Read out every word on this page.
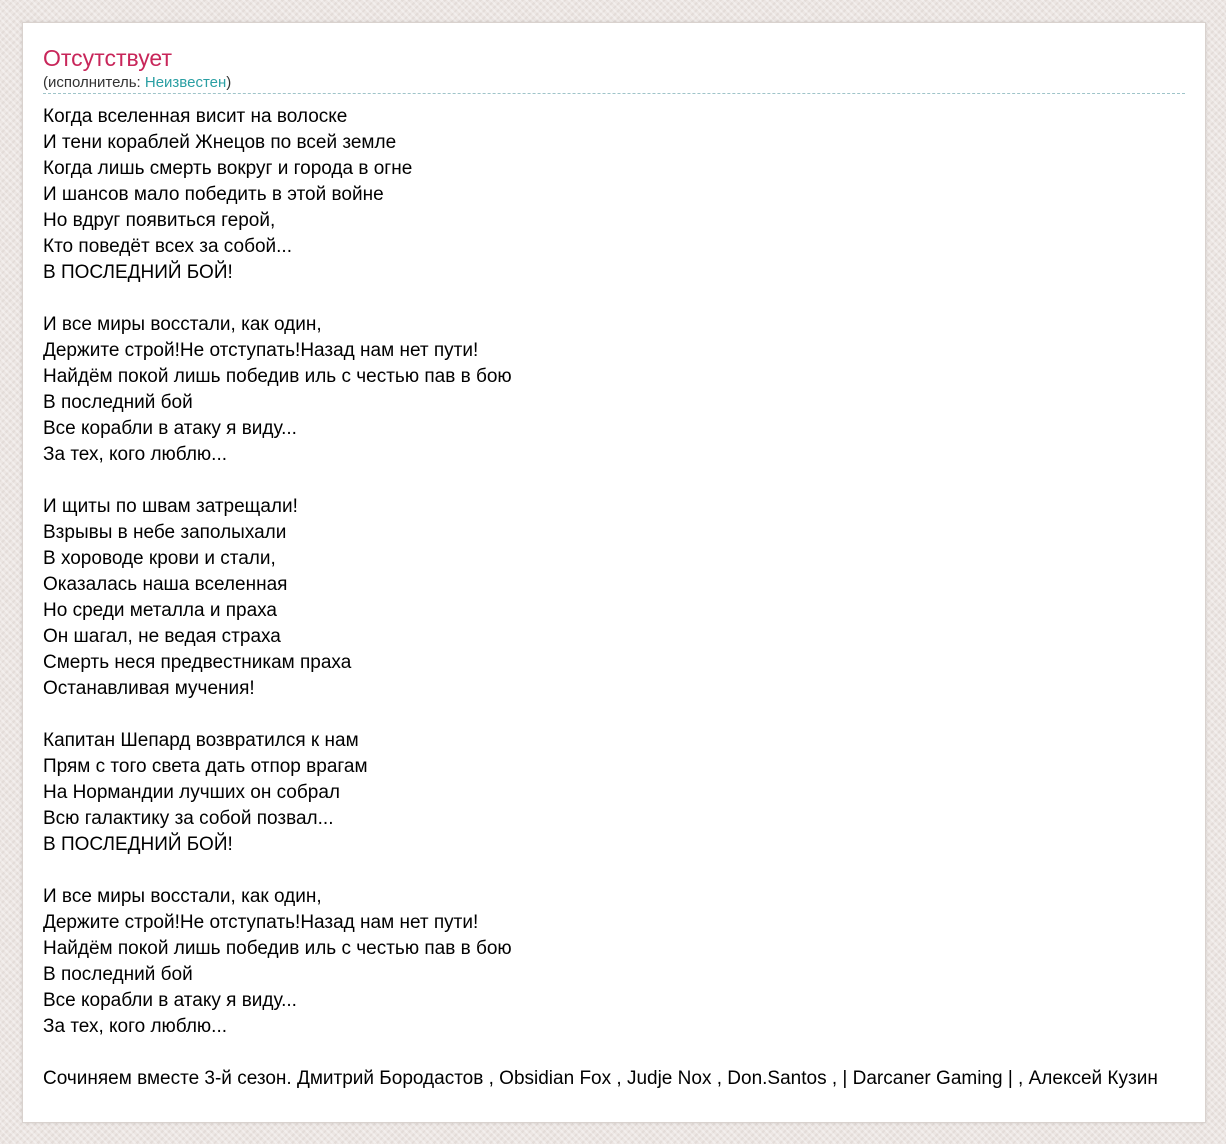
Отсутствует
(исполнитель: Неизвестен)
Когда вселенная висит на волоске
И тени кораблей Жнецов по всей земле
Когда лишь смерть вокруг и города в огне
И шансов мало победить в этой войне
Но вдруг появиться герой,
Кто поведёт всех за собой...
В ПОСЛЕДНИЙ БОЙ!
И все миры восстали, как один,
Держите строй!Не отступать!Назад нам нет пути!
Найдём покой лишь победив иль с честью пав в бою
В последний бой
Все корабли в атаку я виду...
За тех, кого люблю...
И щиты по швам затрещали!
Взрывы в небе заполыхали
В хороводе крови и стали,
Оказалась наша вселенная
Но среди металла и праха
Он шагал, не ведая страха
Смерть неся предвестникам праха
Останавливая мучения!
Капитан Шепард возвратился к нам
Прям с того света дать отпор врагам
На Нормандии лучших он собрал
Всю галактику за собой позвал...
В ПОСЛЕДНИЙ БОЙ!
И все миры восстали, как один,
Держите строй!Не отступать!Назад нам нет пути!
Найдём покой лишь победив иль с честью пав в бою
В последний бой
Все корабли в атаку я виду...
За тех, кого люблю...
Сочиняем вместе 3-й сезон. Дмитрий Бородастов , Obsidian Fox , Judje Nox , Don.Santos , | Darcaner Gaming | , Алексей Кузин
